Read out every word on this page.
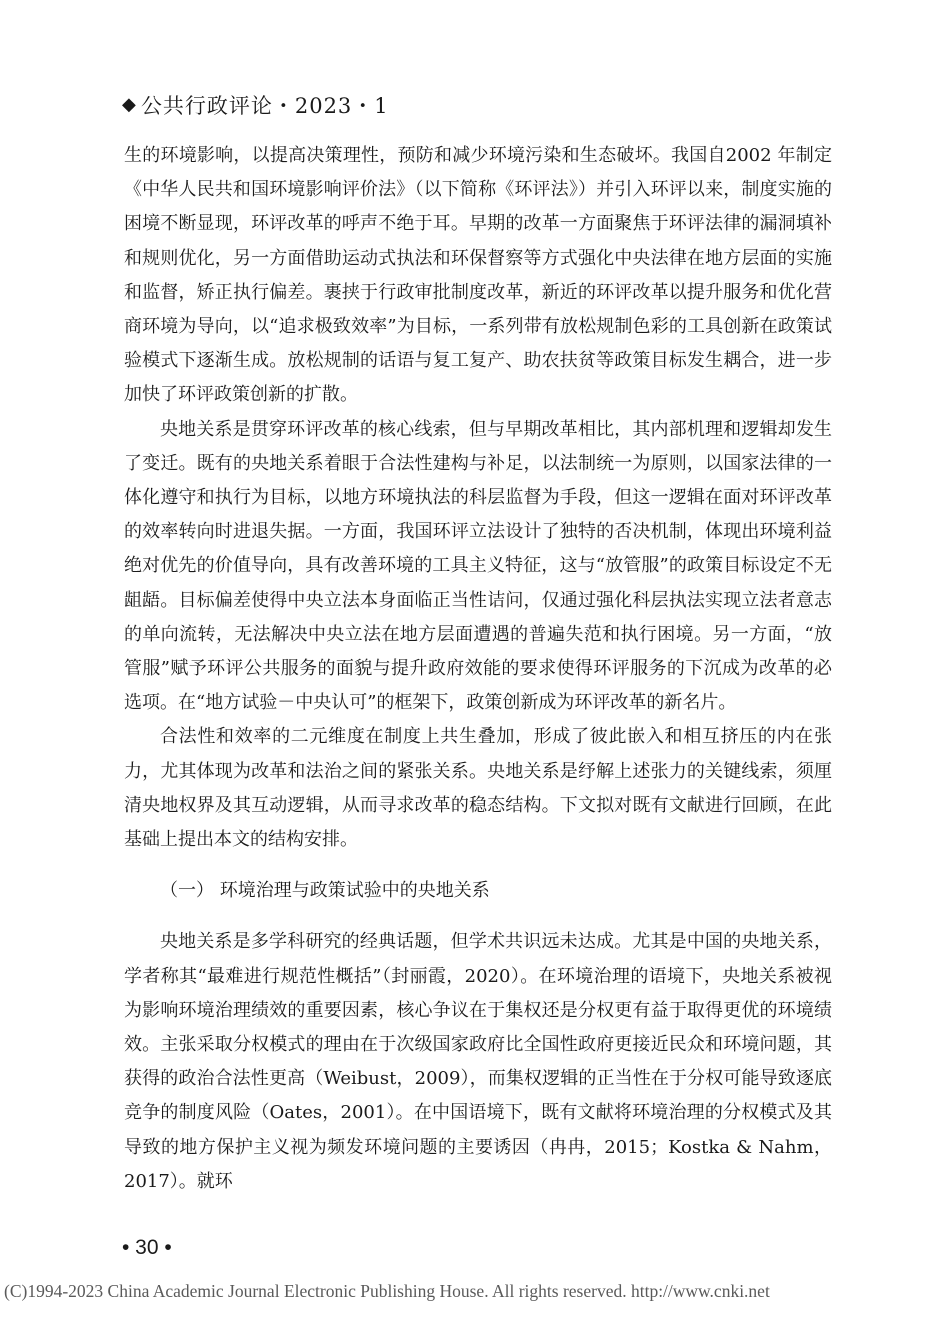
◆ 公共行政评论・2023・1

生的环境影响，以提高决策理性，预防和减少环境污染和生态破坏。我国自2002 年制定《中华人民共和国环境影响评价法》（以下简称《环评法》）并引入环评以来，制度实施的困境不断显现，环评改革的呼声不绝于耳。早期的改革一方面聚焦于环评法律的漏洞填补和规则优化，另一方面借助运动式执法和环保督察等方式强化中央法律在地方层面的实施和监督，矫正执行偏差。裹挟于行政审批制度改革，新近的环评改革以提升服务和优化营商环境为导向，以“追求极致效率”为目标，一系列带有放松规制色彩的工具创新在政策试验模式下逐渐生成。放松规制的话语与复工复产、助农扶贫等政策目标发生耦合，进一步加快了环评政策创新的扩散。

央地关系是贯穿环评改革的核心线索，但与早期改革相比，其内部机理和逻辑却发生了变迁。既有的央地关系着眼于合法性建构与补足，以法制统一为原则，以国家法律的一体化遵守和执行为目标，以地方环境执法的科层监督为手段，但这一逻辑在面对环评改革的效率转向时进退失据。一方面，我国环评立法设计了独特的否决机制，体现出环境利益绝对优先的价值导向，具有改善环境的工具主义特征，这与“放管服”的政策目标设定不无龃龉。目标偏差使得中央立法本身面临正当性诘问，仅通过强化科层执法实现立法者意志的单向流转，无法解决中央立法在地方层面遭遇的普遍失范和执行困境。另一方面，“放管服”赋予环评公共服务的面貌与提升政府效能的要求使得环评服务的下沉成为改革的必选项。在“地方试验－中央认可”的框架下，政策创新成为环评改革的新名片。

合法性和效率的二元维度在制度上共生叠加，形成了彼此嵌入和相互挤压的内在张力，尤其体现为改革和法治之间的紧张关系。央地关系是纾解上述张力的关键线索，须厘清央地权界及其互动逻辑，从而寻求改革的稳态结构。下文拟对既有文献进行回顾，在此基础上提出本文的结构安排。

（一） 环境治理与政策试验中的央地关系

央地关系是多学科研究的经典话题，但学术共识远未达成。尤其是中国的央地关系，学者称其“最难进行规范性概括”（封丽霞，2020）。在环境治理的语境下，央地关系被视为影响环境治理绩效的重要因素，核心争议在于集权还是分权更有益于取得更优的环境绩效。主张采取分权模式的理由在于次级国家政府比全国性政府更接近民众和环境问题，其获得的政治合法性更高（Weibust，2009），而集权逻辑的正当性在于分权可能导致逐底竞争的制度风险（Oates，2001）。在中国语境下，既有文献将环境治理的分权模式及其导致的地方保护主义视为频发环境问题的主要诱因（冉冉，2015；Kostka & Nahm，2017）。就环

• 30 •
(C)1994-2023 China Academic Journal Electronic Publishing House. All rights reserved. http://www.cnki.net
